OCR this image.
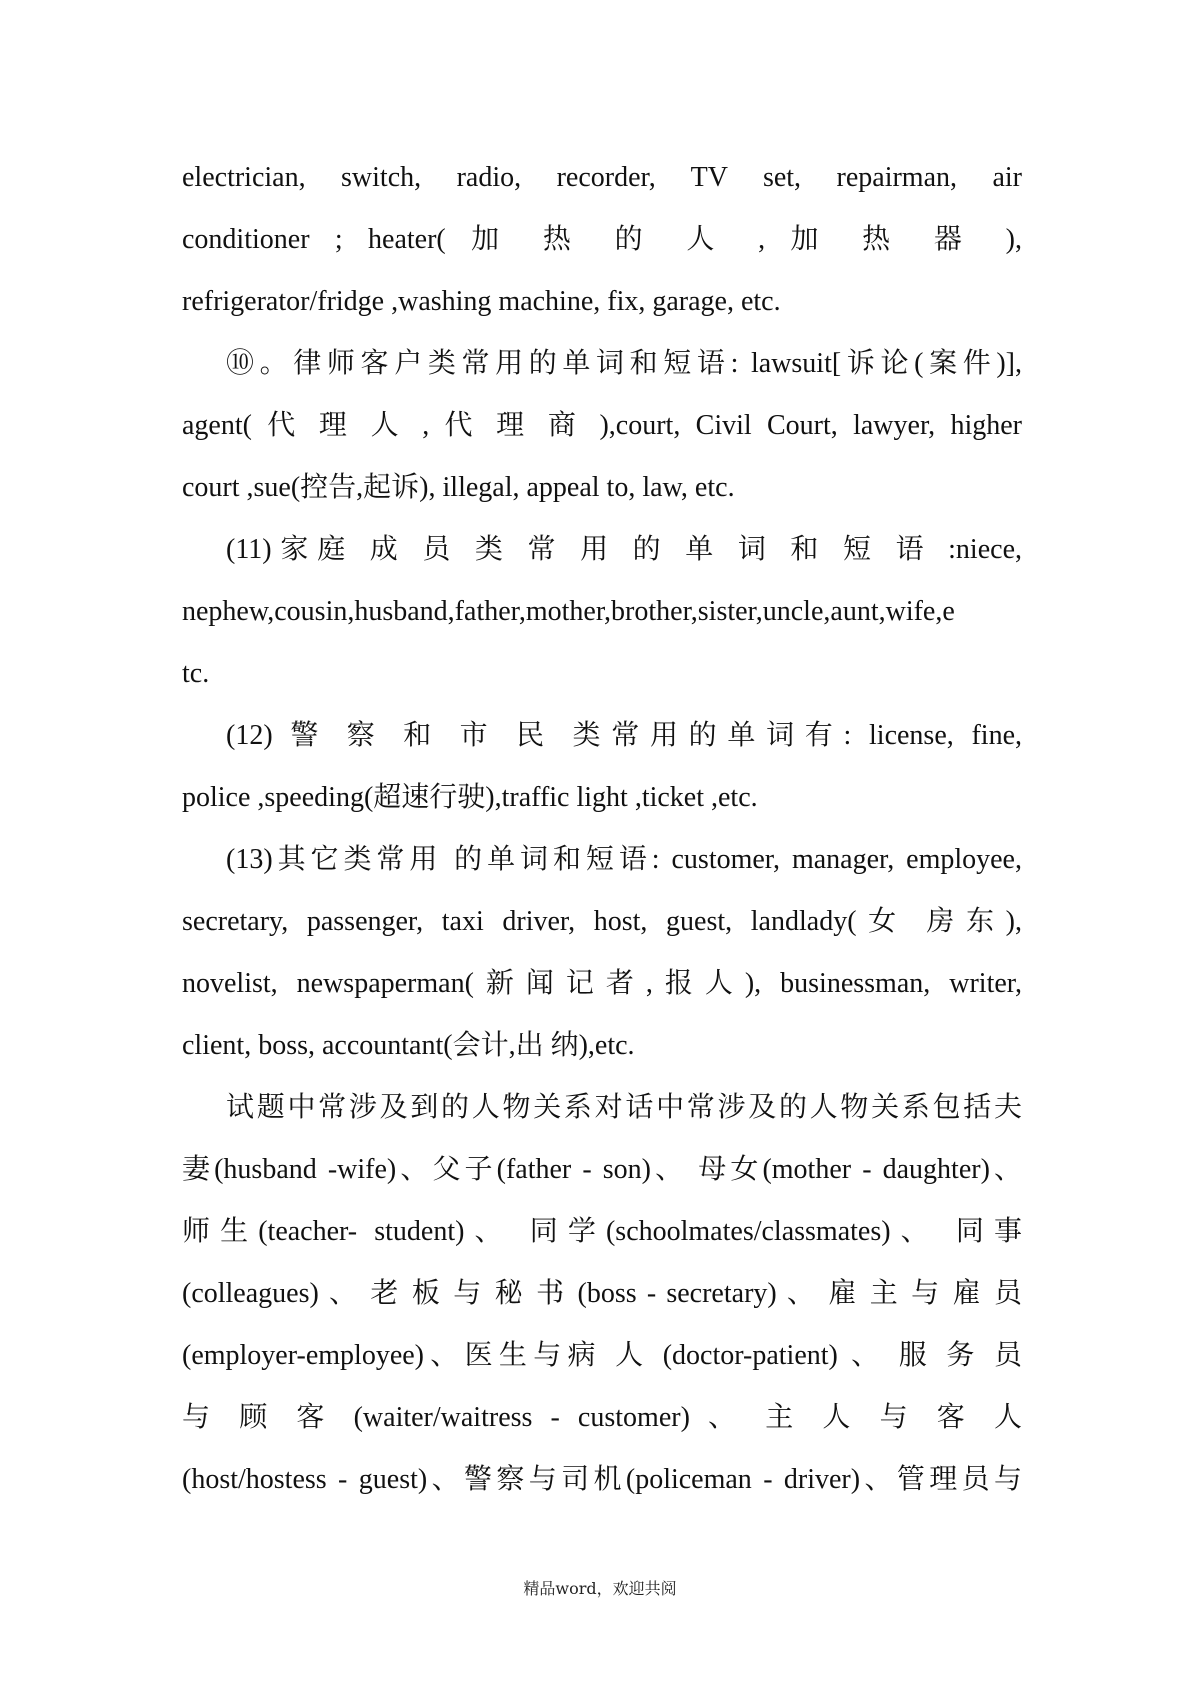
electrician, switch, radio, recorder, TV set, repairman, air
conditioner ; heater( 加 热 的 人 , 加 热 器 ),
refrigerator/fridge ,washing machine, fix, garage, etc.
⑩。律师客户类常用的单词和短语: lawsuit[诉论(案件)],
agent( 代 理 人 , 代 理 商 ),court, Civil Court, lawyer, higher
court ,sue(控告,起诉), illegal, appeal to, law, etc.
(11)家庭 成 员 类 常 用 的 单 词 和 短 语 :niece,
nephew,cousin,husband,father,mother,brother,sister,uncle,aunt,wife,e
tc.
(12) 警 察 和 市 民 类常用的单词有: license, fine,
police ,speeding(超速行驶),traffic light ,ticket ,etc.
(13)其它类常用 的单词和短语: customer, manager, employee,
secretary, passenger, taxi driver, host, guest, landlady(女 房东),
novelist, newspaperman(新闻记者,报人), businessman, writer,
client, boss, accountant(会计,出 纳),etc.
试题中常涉及到的人物关系对话中常涉及的人物关系包括夫
妻(husband -wife)、父子(father - son)、 母女(mother - daughter)、
师生(teacher- student)、 同学(schoolmates/classmates)、 同事
(colleagues) 、 老 板 与 秘 书 (boss - secretary) 、 雇 主 与 雇 员
(employer-employee)、医生与病 人 (doctor-patient) 、 服 务 员
与 顾 客 (waiter/waitress - customer) 、 主 人 与 客 人
(host/hostess - guest)、警察与司机(policeman - driver)、管理员与
精品word，欢迎共阅
